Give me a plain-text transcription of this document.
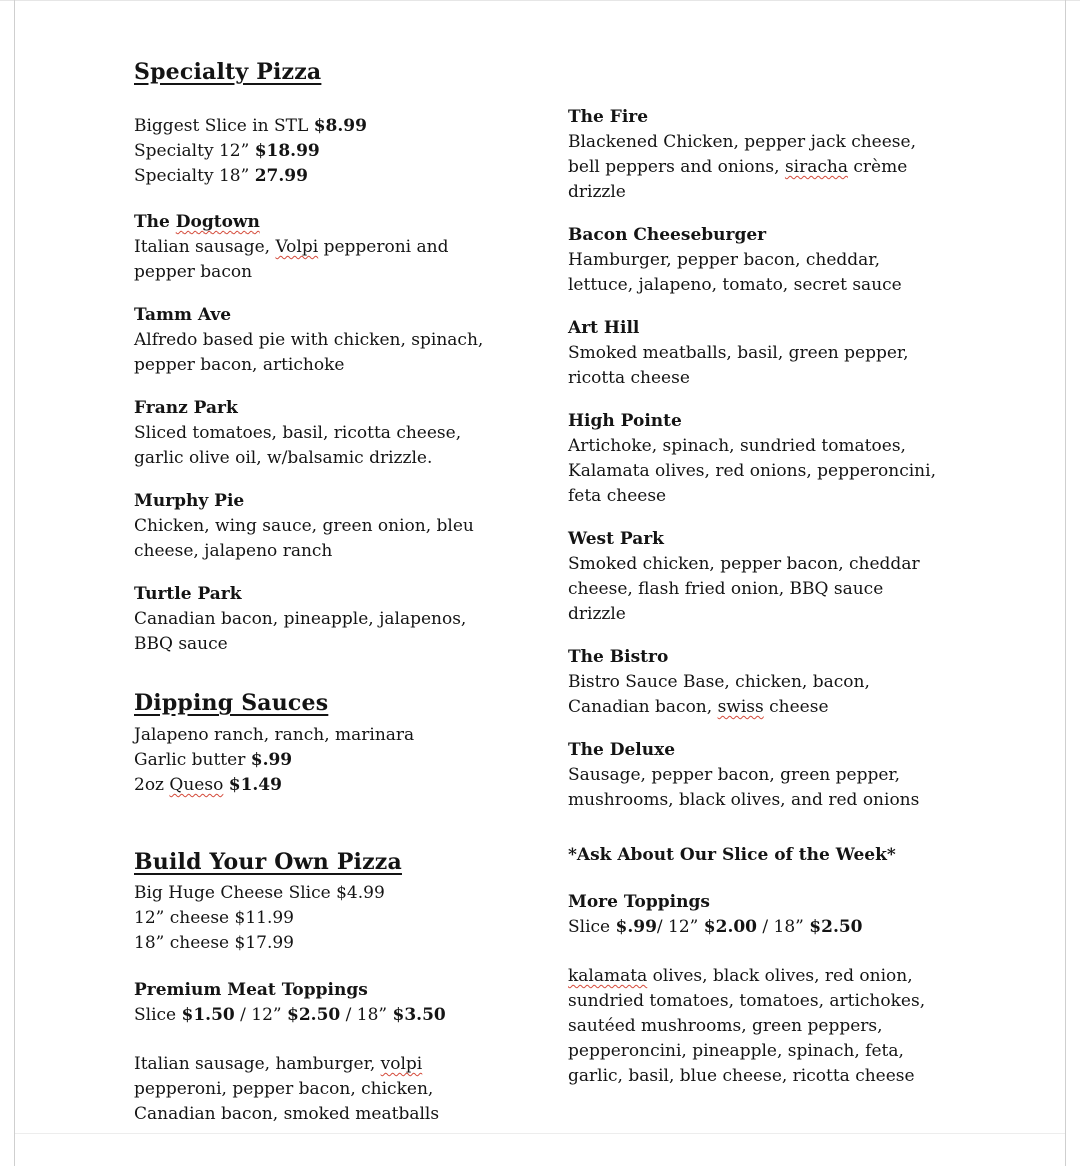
Specialty Pizza
Biggest Slice in STL $8.99
Specialty 12” $18.99
Specialty 18” 27.99
The Dogtown
Italian sausage, Volpi pepperoni and pepper bacon
Tamm Ave
Alfredo based pie with chicken, spinach, pepper bacon, artichoke
Franz Park
Sliced tomatoes, basil, ricotta cheese, garlic olive oil, w/balsamic drizzle.
Murphy Pie
Chicken, wing sauce, green onion, bleu cheese, jalapeno ranch
Turtle Park
Canadian bacon, pineapple, jalapenos, BBQ sauce
Dipping Sauces
Jalapeno ranch, ranch, marinara
Garlic butter $.99
2oz Queso $1.49
Build Your Own Pizza
Big Huge Cheese Slice $4.99
12” cheese $11.99
18” cheese $17.99
Premium Meat Toppings
Slice $1.50 / 12” $2.50 / 18” $3.50
Italian sausage, hamburger, volpi pepperoni, pepper bacon, chicken, Canadian bacon, smoked meatballs
The Fire
Blackened Chicken, pepper jack cheese, bell peppers and onions, siracha crème drizzle
Bacon Cheeseburger
Hamburger, pepper bacon, cheddar, lettuce, jalapeno, tomato, secret sauce
Art Hill
Smoked meatballs, basil, green pepper, ricotta cheese
High Pointe
Artichoke, spinach, sundried tomatoes, Kalamata olives, red onions, pepperoncini, feta cheese
West Park
Smoked chicken, pepper bacon, cheddar cheese, flash fried onion, BBQ sauce drizzle
The Bistro
Bistro Sauce Base, chicken, bacon, Canadian bacon, swiss cheese
The Deluxe
Sausage, pepper bacon, green pepper, mushrooms, black olives, and red onions
*Ask About Our Slice of the Week*
More Toppings
Slice $.99/ 12” $2.00 / 18” $2.50
kalamata olives, black olives, red onion, sundried tomatoes, tomatoes, artichokes, sautéed mushrooms, green peppers, pepperoncini, pineapple, spinach, feta, garlic, basil, blue cheese, ricotta cheese
